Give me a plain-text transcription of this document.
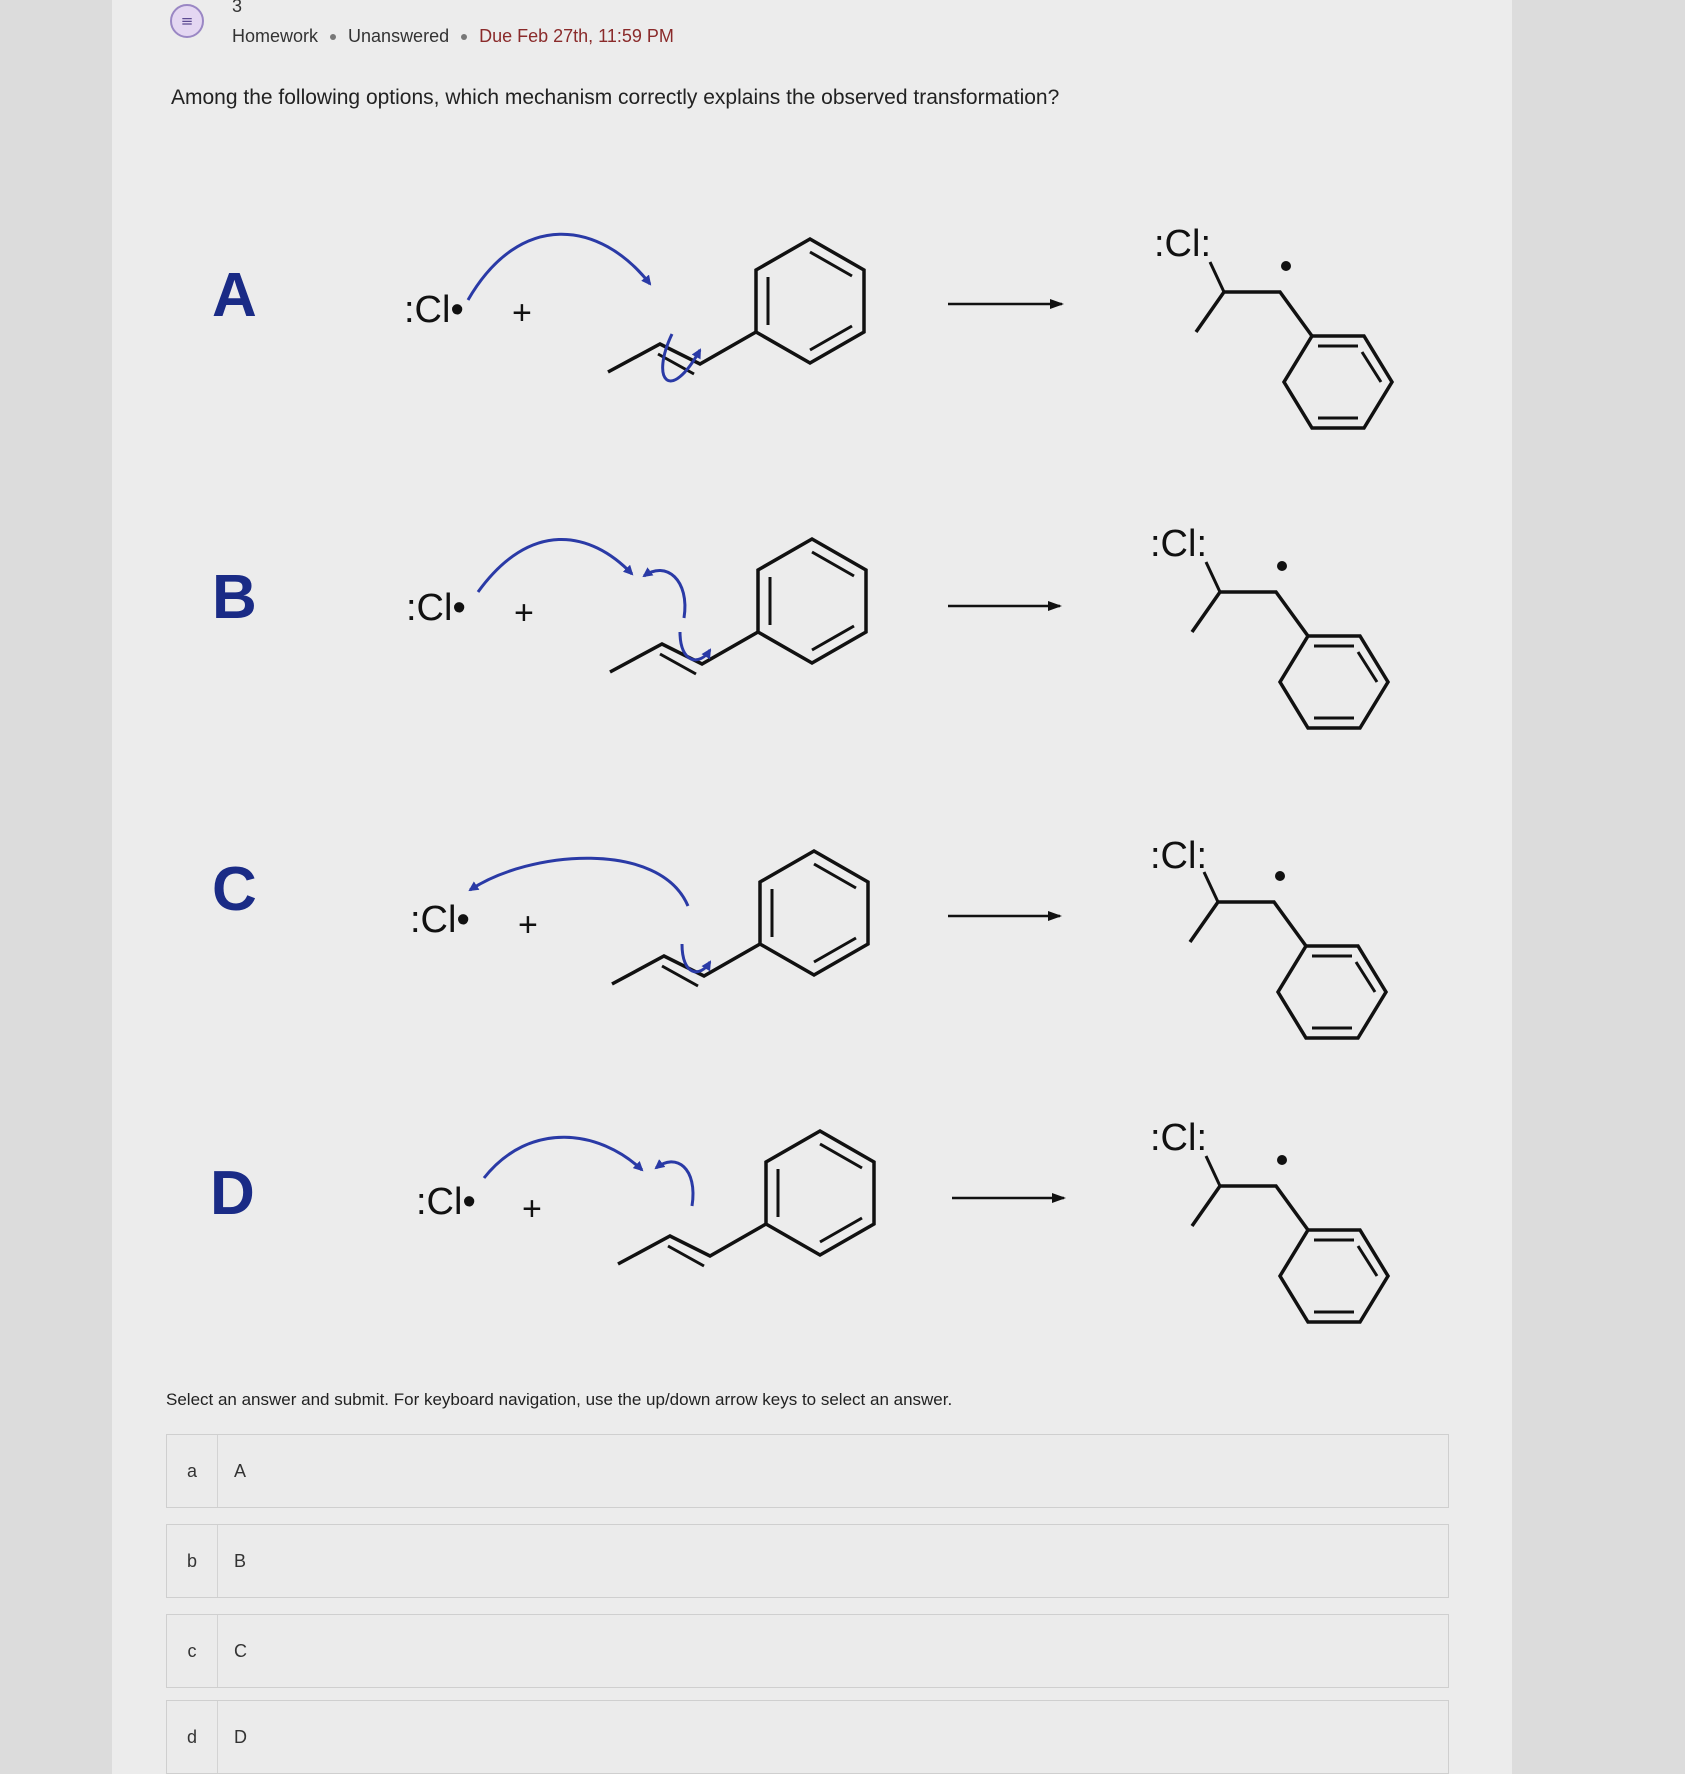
≡
3
Homework Unanswered Due Feb 27th, 11:59 PM
Among the following options, which mechanism correctly explains the observed transformation?
A	:Cl• +
:Cl:
B	:Cl• +
:Cl:
C	:Cl• +
:Cl:
D	:Cl• +
:Cl:
Select an answer and submit. For keyboard navigation, use the up/down arrow keys to select an answer.
a	A
b	B
c	C
d	D
